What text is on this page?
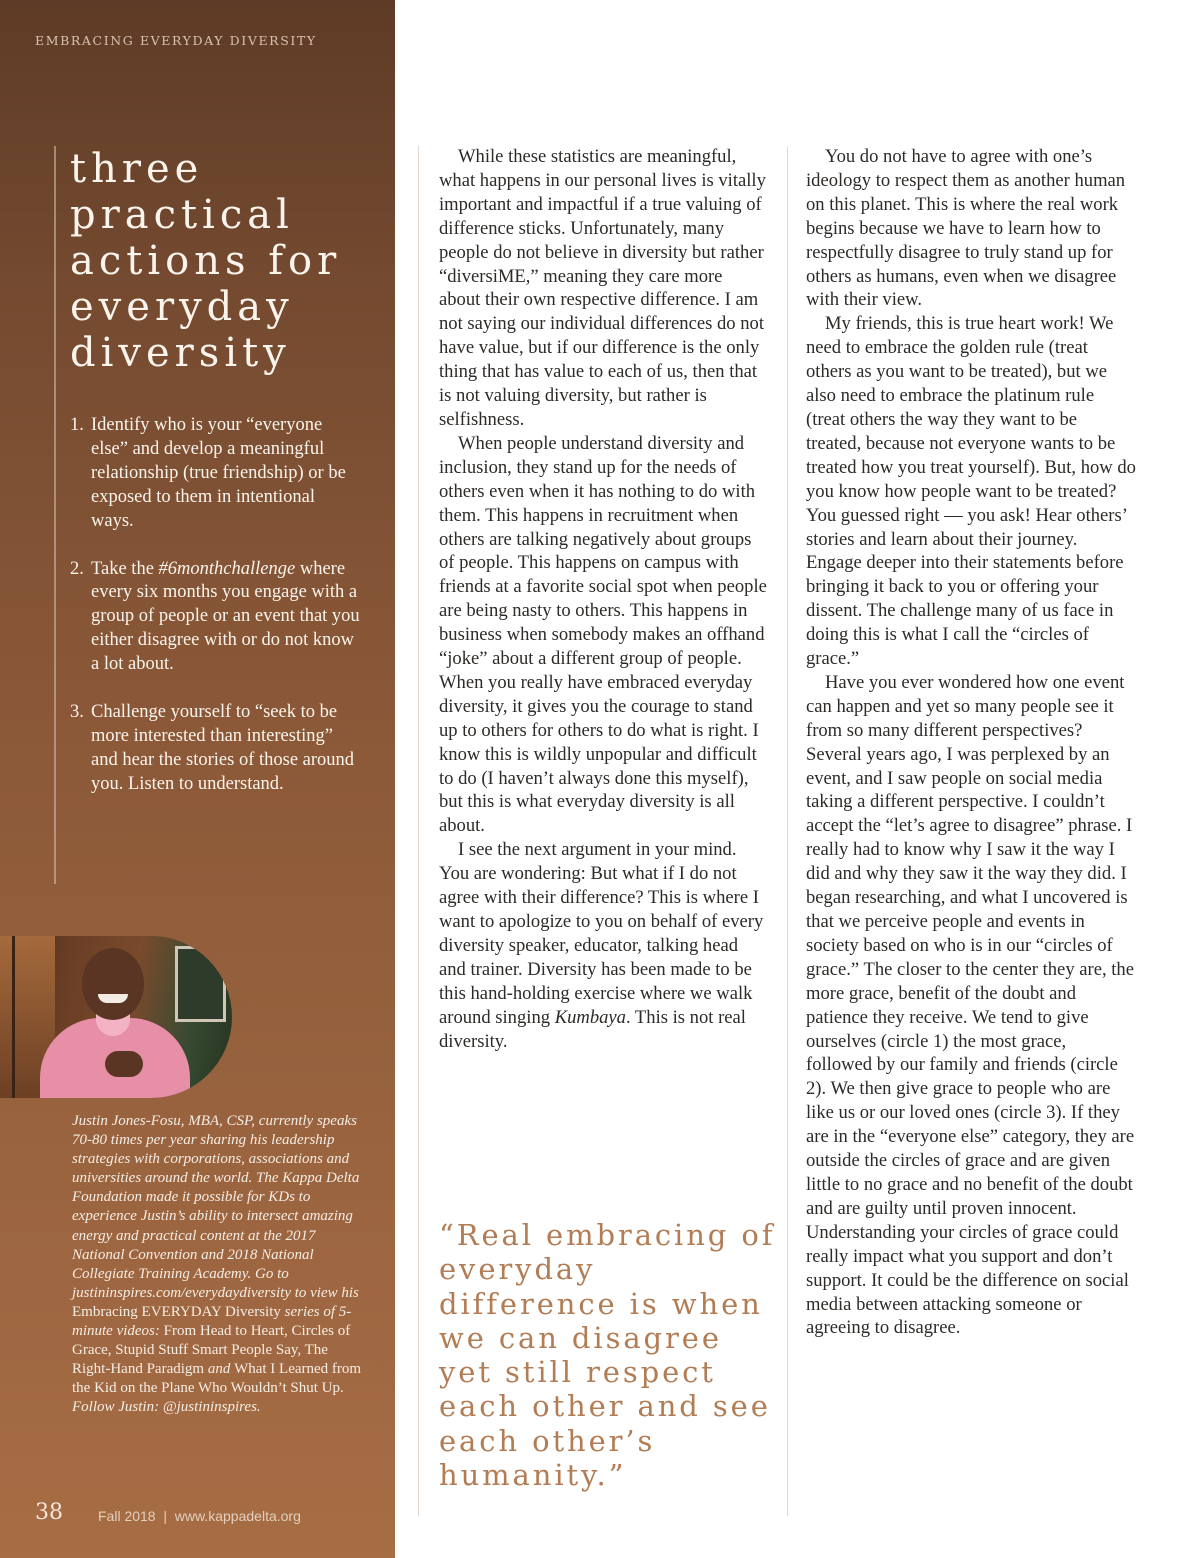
EMBRACING EVERYDAY DIVERSITY
three
practical
actions for
everyday
diversity
1. Identify who is your “everyone else” and develop a meaningful relationship (true friendship) or be exposed to them in intentional ways.
2. Take the #6monthchallenge where every six months you engage with a group of people or an event that you either disagree with or do not know a lot about.
3. Challenge yourself to “seek to be more interested than interesting” and hear the stories of those around you. Listen to understand.

Justin Jones-Fosu, MBA, CSP, currently speaks 70-80 times per year sharing his leadership strategies with corporations, associations and universities around the world. The Kappa Delta Foundation made it possible for KDs to experience Justin’s ability to intersect amazing energy and practical content at the 2017 National Convention and 2018 National Collegiate Training Academy. Go to justininspires.com/everydaydiversity to view his Embracing EVERYDAY Diversity series of 5-minute videos: From Head to Heart, Circles of Grace, Stupid Stuff Smart People Say, The Right-Hand Paradigm and What I Learned from the Kid on the Plane Who Wouldn’t Shut Up. Follow Justin: @justininspires.

38	Fall 2018  |  www.kappadelta.org

While these statistics are meaningful, what happens in our personal lives is vitally important and impactful if a true valuing of difference sticks. Unfortunately, many people do not believe in diversity but rather “diversiME,” meaning they care more about their own respective difference. I am not saying our individual differences do not have value, but if our difference is the only thing that has value to each of us, then that is not valuing diversity, but rather is selfishness.

When people understand diversity and inclusion, they stand up for the needs of others even when it has nothing to do with them. This happens in recruitment when others are talking negatively about groups of people. This happens on campus with friends at a favorite social spot when people are being nasty to others. This happens in business when somebody makes an offhand “joke” about a different group of people. When you really have embraced everyday diversity, it gives you the courage to stand up to others for others to do what is right. I know this is wildly unpopular and difficult to do (I haven’t always done this myself), but this is what everyday diversity is all about.

I see the next argument in your mind. You are wondering: But what if I do not agree with their difference? This is where I want to apologize to you on behalf of every diversity speaker, educator, talking head and trainer. Diversity has been made to be this hand-holding exercise where we walk around singing Kumbaya. This is not real diversity.

“Real embracing of everyday difference is when we can disagree yet still respect each other and see each other’s humanity.”

You do not have to agree with one’s ideology to respect them as another human on this planet. This is where the real work begins because we have to learn how to respectfully disagree to truly stand up for others as humans, even when we disagree with their view.

My friends, this is true heart work! We need to embrace the golden rule (treat others as you want to be treated), but we also need to embrace the platinum rule (treat others the way they want to be treated, because not everyone wants to be treated how you treat yourself). But, how do you know how people want to be treated? You guessed right — you ask! Hear others’ stories and learn about their journey. Engage deeper into their statements before bringing it back to you or offering your dissent. The challenge many of us face in doing this is what I call the “circles of grace.”

Have you ever wondered how one event can happen and yet so many people see it from so many different perspectives? Several years ago, I was perplexed by an event, and I saw people on social media taking a different perspective. I couldn’t accept the “let’s agree to disagree” phrase. I really had to know why I saw it the way I did and why they saw it the way they did. I began researching, and what I uncovered is that we perceive people and events in society based on who is in our “circles of grace.” The closer to the center they are, the more grace, benefit of the doubt and patience they receive. We tend to give ourselves (circle 1) the most grace, followed by our family and friends (circle 2). We then give grace to people who are like us or our loved ones (circle 3). If they are in the “everyone else” category, they are outside the circles of grace and are given little to no grace and no benefit of the doubt and are guilty until proven innocent. Understanding your circles of grace could really impact what you support and don’t support. It could be the difference on social media between attacking someone or agreeing to disagree.
